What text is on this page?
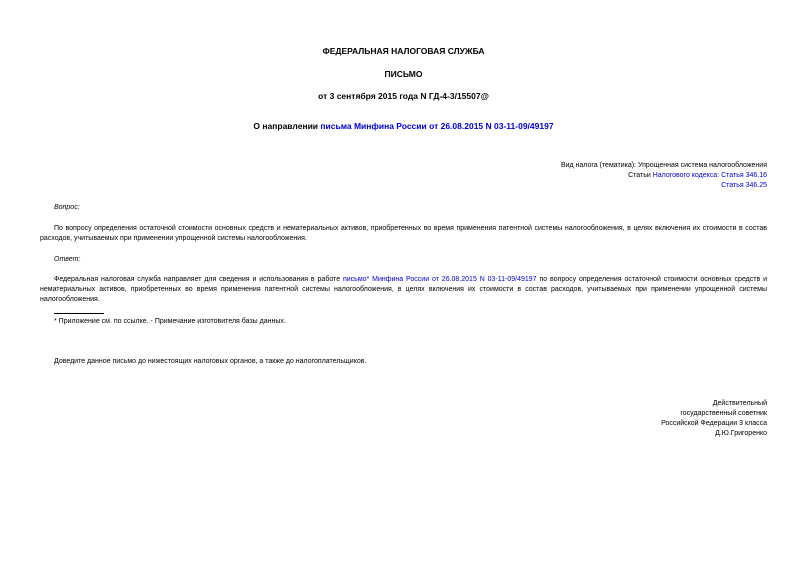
ФЕДЕРАЛЬНАЯ НАЛОГОВАЯ СЛУЖБА
ПИСЬМО
от 3 сентября 2015 года N ГД-4-3/15507@
О направлении письма Минфина России от 26.08.2015 N 03-11-09/49197
Вид налога (тематика): Упрощенная система налогообложения
Статьи Налогового кодекса: Статья 346.16
Статья 346.25
Вопрос:
По вопросу определения остаточной стоимости основных средств и нематериальных активов, приобретенных во время применения патентной системы налогообложения, в целях включения их стоимости в состав расходов, учитываемых при применении упрощенной системы налогообложения.
Ответ:
Федеральная налоговая служба направляет для сведения и использования в работе письмо* Минфина России от 26.08.2015 N 03-11-09/49197 по вопросу определения остаточной стоимости основных средств и нематериальных активов, приобретенных во время применения патентной системы налогообложения, в целях включения их стоимости в состав расходов, учитываемых при применении упрощенной системы налогообложения.
* Приложение см. по ссылке. - Примечание изготовителя базы данных.
Доведите данное письмо до нижестоящих налоговых органов, а также до налогоплательщиков.
Действительный
государственный советник
Российской Федерации 3 класса
Д.Ю.Григоренко
